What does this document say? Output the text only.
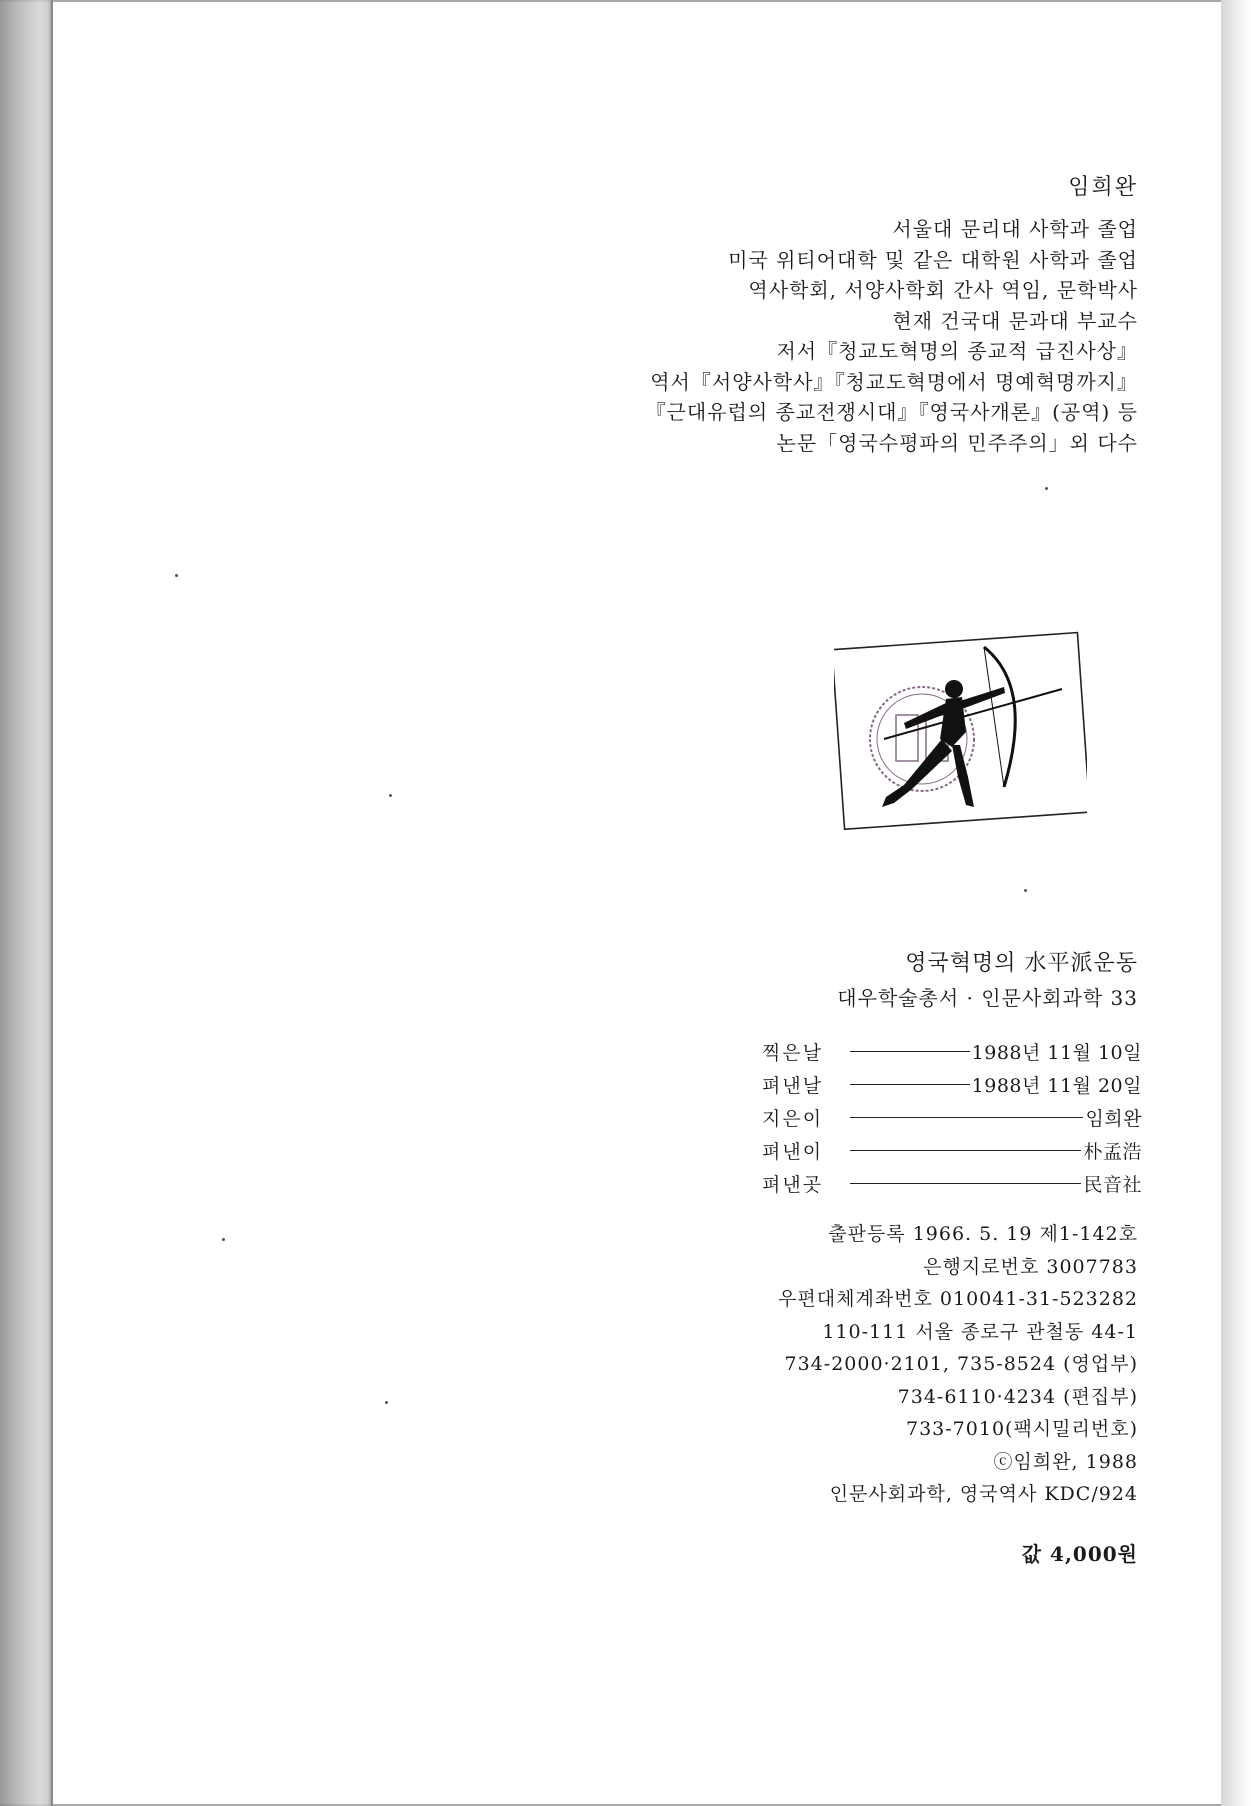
임희완
서울대 문리대 사학과 졸업
미국 위티어대학 및 같은 대학원 사학과 졸업
역사학회, 서양사학회 간사 역임, 문학박사
현재 건국대 문과대 부교수
저서『청교도혁명의 종교적 급진사상』
역서『서양사학사』『청교도혁명에서 명예혁명까지』
『근대유럽의 종교전쟁시대』『영국사개론』(공역) 등
논문「영국수평파의 민주주의」외 다수
영국혁명의 水平派운동
대우학술총서 · 인문사회과학 33
찍은날	1988년 11월 10일
펴낸날	1988년 11월 20일
지은이	임희완
펴낸이	朴孟浩
펴낸곳	民音社
출판등록 1966. 5. 19 제1-142호
은행지로번호 3007783
우편대체계좌번호 010041-31-523282
110-111 서울 종로구 관철동 44-1
734-2000·2101, 735-8524 (영업부)
734-6110·4234 (편집부)
733-7010(팩시밀리번호)
ⓒ임희완, 1988
인문사회과학, 영국역사 KDC/924
값 4,000원
